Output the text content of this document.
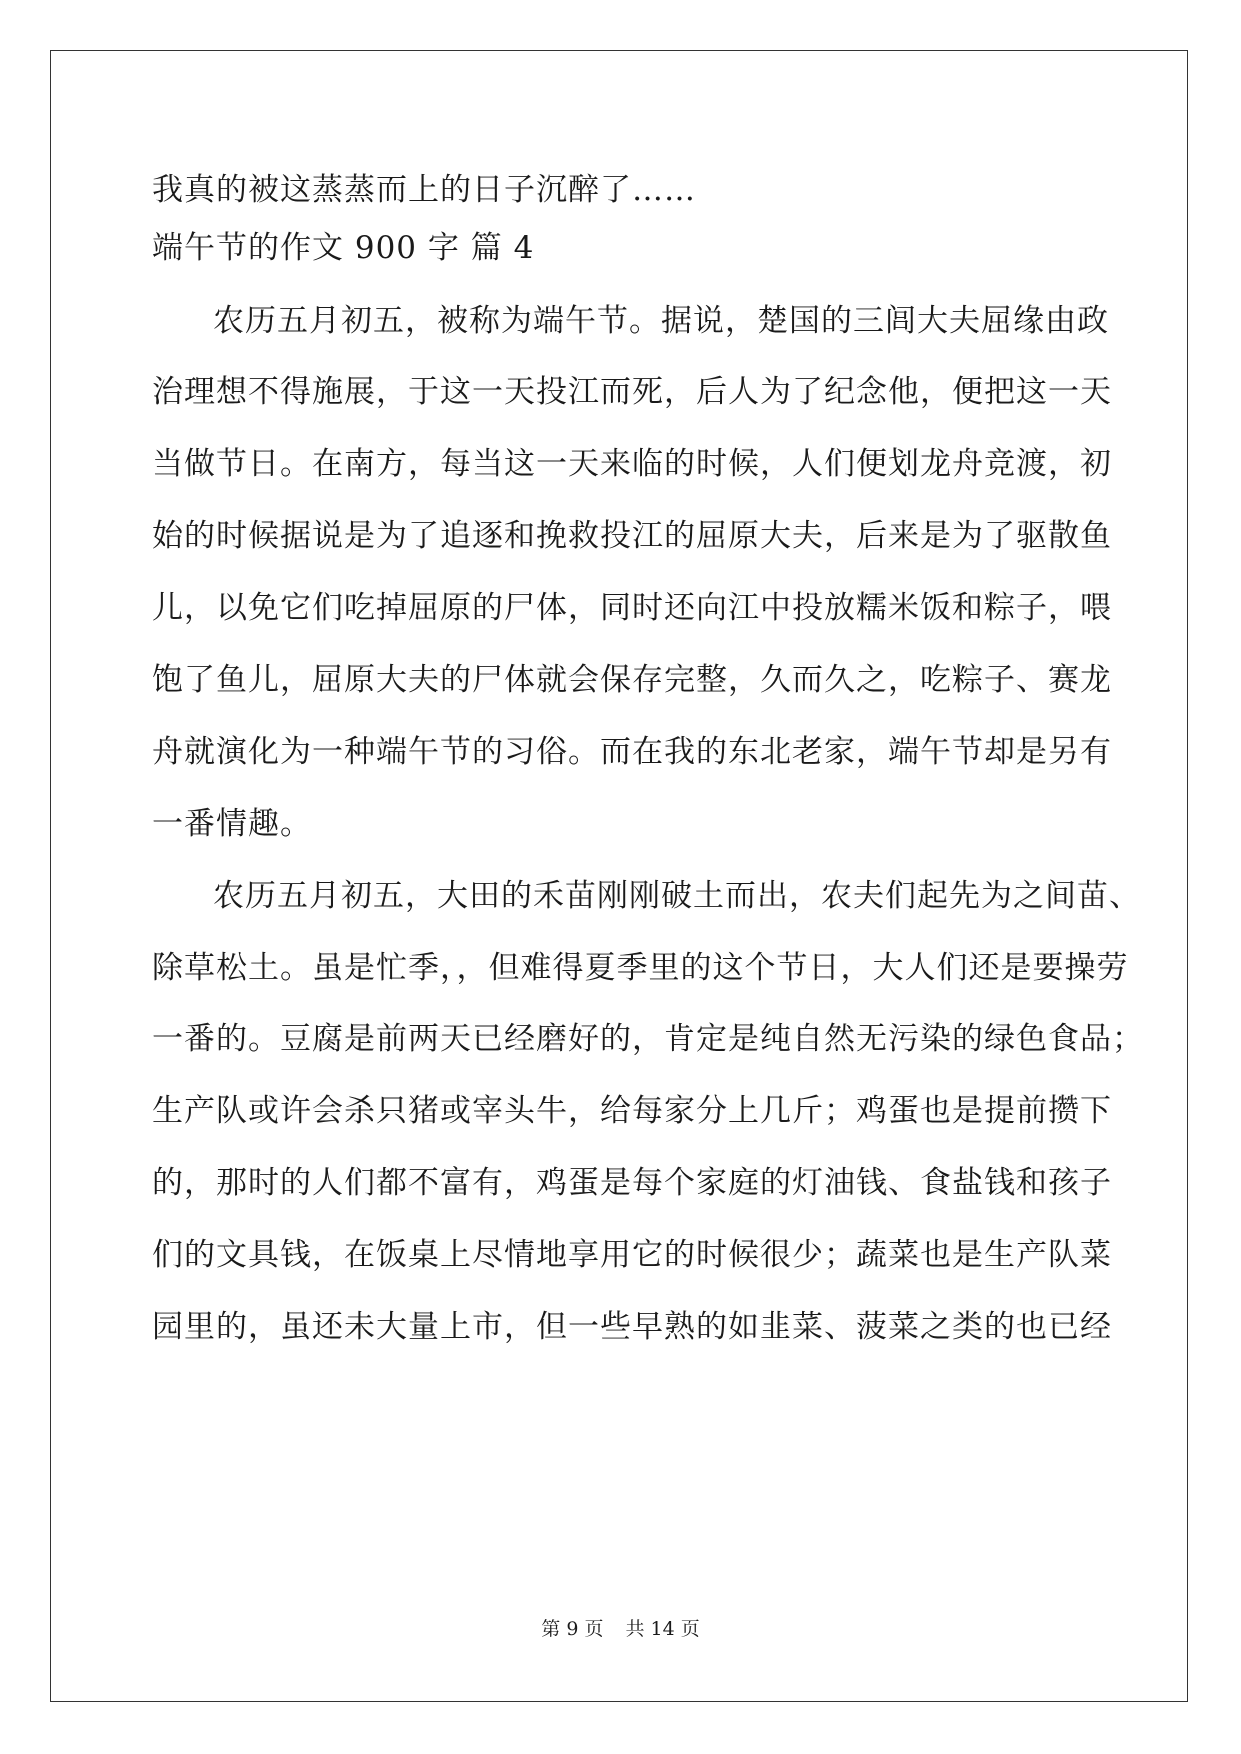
我真的被这蒸蒸而上的日子沉醉了……
端午节的作文 900 字 篇 4
农历五月初五，被称为端午节。据说，楚国的三闾大夫屈缘由政
治理想不得施展，于这一天投江而死，后人为了纪念他，便把这一天
当做节日。在南方，每当这一天来临的时候，人们便划龙舟竞渡，初
始的时候据说是为了追逐和挽救投江的屈原大夫，后来是为了驱散鱼
儿，以免它们吃掉屈原的尸体，同时还向江中投放糯米饭和粽子，喂
饱了鱼儿，屈原大夫的尸体就会保存完整，久而久之，吃粽子、赛龙
舟就演化为一种端午节的习俗。而在我的东北老家，端午节却是另有
一番情趣。
农历五月初五，大田的禾苗刚刚破土而出，农夫们起先为之间苗、
除草松土。虽是忙季，，但难得夏季里的这个节日，大人们还是要操劳
一番的。豆腐是前两天已经磨好的，肯定是纯自然无污染的绿色食品；
生产队或许会杀只猪或宰头牛，给每家分上几斤；鸡蛋也是提前攒下
的，那时的人们都不富有，鸡蛋是每个家庭的灯油钱、食盐钱和孩子
们的文具钱，在饭桌上尽情地享用它的时候很少；蔬菜也是生产队菜
园里的，虽还未大量上市，但一些早熟的如韭菜、菠菜之类的也已经
第 9 页 共 14 页
